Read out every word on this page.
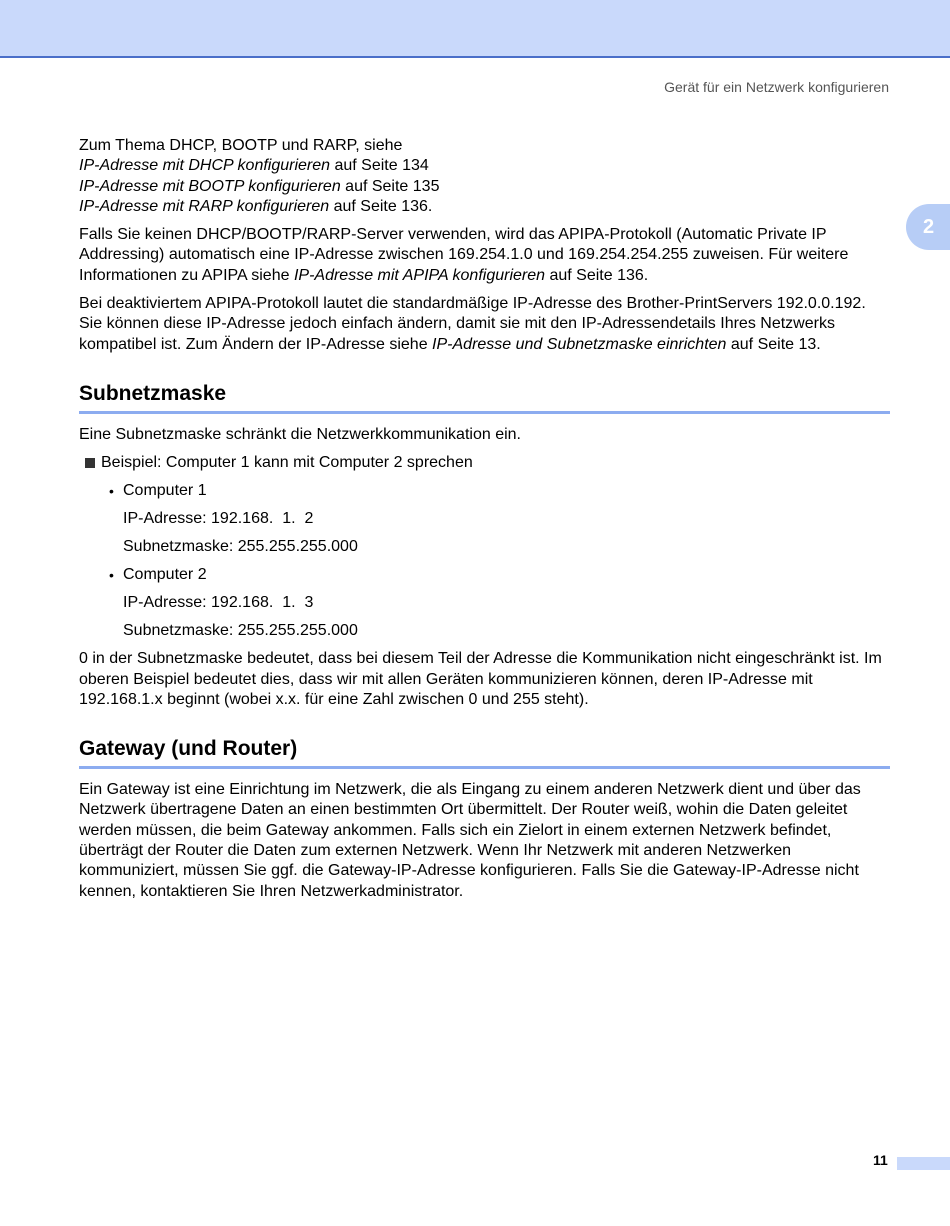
Gerät für ein Netzwerk konfigurieren
2

Zum Thema DHCP, BOOTP und RARP, siehe

IP-Adresse mit DHCP konfigurieren auf Seite 134

IP-Adresse mit BOOTP konfigurieren auf Seite 135

IP-Adresse mit RARP konfigurieren auf Seite 136.

Falls Sie keinen DHCP/BOOTP/RARP-Server verwenden, wird das APIPA-Protokoll (Automatic Private IP Addressing) automatisch eine IP-Adresse zwischen 169.254.1.0 und 169.254.254.255 zuweisen. Für weitere Informationen zu APIPA siehe IP-Adresse mit APIPA konfigurieren auf Seite 136.

Bei deaktiviertem APIPA-Protokoll lautet die standardmäßige IP-Adresse des Brother-PrintServers 192.0.0.192. Sie können diese IP-Adresse jedoch einfach ändern, damit sie mit den IP-Adressendetails Ihres Netzwerks kompatibel ist. Zum Ändern der IP-Adresse siehe IP-Adresse und Subnetzmaske einrichten auf Seite 13.

Subnetzmaske

Eine Subnetzmaske schränkt die Netzwerkkommunikation ein.

Beispiel: Computer 1 kann mit Computer 2 sprechen
• Computer 1
IP-Adresse: 192.168.  1.  2
Subnetzmaske: 255.255.255.000
• Computer 2
IP-Adresse: 192.168.  1.  3
Subnetzmaske: 255.255.255.000

0 in der Subnetzmaske bedeutet, dass bei diesem Teil der Adresse die Kommunikation nicht eingeschränkt ist. Im oberen Beispiel bedeutet dies, dass wir mit allen Geräten kommunizieren können, deren IP-Adresse mit 192.168.1.x beginnt (wobei x.x. für eine Zahl zwischen 0 und 255 steht).

Gateway (und Router)

Ein Gateway ist eine Einrichtung im Netzwerk, die als Eingang zu einem anderen Netzwerk dient und über das Netzwerk übertragene Daten an einen bestimmten Ort übermittelt. Der Router weiß, wohin die Daten geleitet werden müssen, die beim Gateway ankommen. Falls sich ein Zielort in einem externen Netzwerk befindet, überträgt der Router die Daten zum externen Netzwerk. Wenn Ihr Netzwerk mit anderen Netzwerken kommuniziert, müssen Sie ggf. die Gateway-IP-Adresse konfigurieren. Falls Sie die Gateway-IP-Adresse nicht kennen, kontaktieren Sie Ihren Netzwerkadministrator.

11
